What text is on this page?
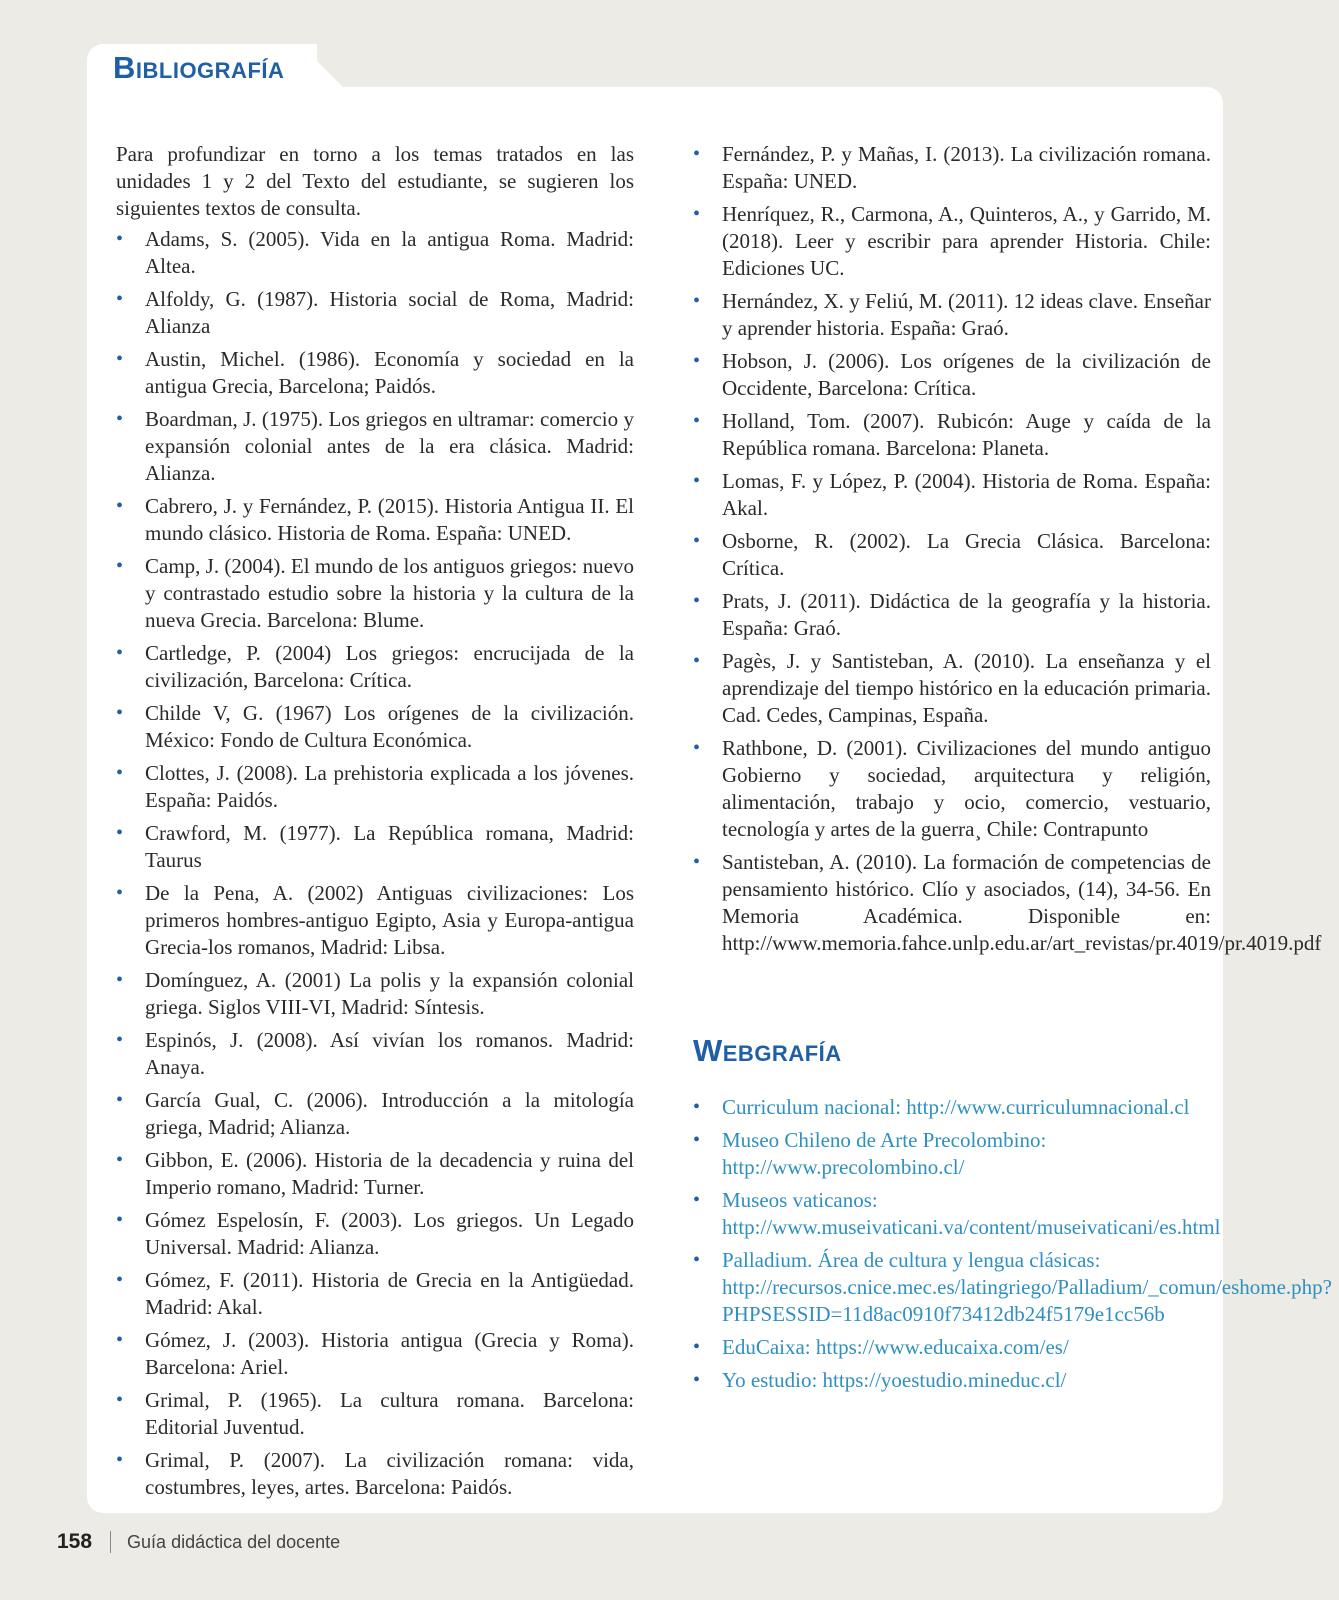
Bibliografía

Para profundizar en torno a los temas tratados en las unidades 1 y 2 del Texto del estudiante, se sugieren los siguientes textos de consulta.

• Adams, S. (2005). Vida en la antigua Roma. Madrid: Altea.
• Alfoldy, G. (1987). Historia social de Roma, Madrid: Alianza
• Austin, Michel. (1986). Economía y sociedad en la antigua Grecia, Barcelona; Paidós.
• Boardman, J. (1975). Los griegos en ultramar: comercio y expansión colonial antes de la era clásica. Madrid: Alianza.
• Cabrero, J. y Fernández, P. (2015). Historia Antigua II. El mundo clásico. Historia de Roma. España: UNED.
• Camp, J. (2004). El mundo de los antiguos griegos: nuevo y contrastado estudio sobre la historia y la cultura de la nueva Grecia. Barcelona: Blume.
• Cartledge, P. (2004) Los griegos: encrucijada de la civilización, Barcelona: Crítica.
• Childe V, G. (1967) Los orígenes de la civilización. México: Fondo de Cultura Económica.
• Clottes, J. (2008). La prehistoria explicada a los jóvenes. España: Paidós.
• Crawford, M. (1977). La República romana, Madrid: Taurus
• De la Pena, A. (2002) Antiguas civilizaciones: Los primeros hombres-antiguo Egipto, Asia y Europa-antigua Grecia-los romanos, Madrid: Libsa.
• Domínguez, A. (2001) La polis y la expansión colonial griega. Siglos VIII-VI, Madrid: Síntesis.
• Espinós, J. (2008). Así vivían los romanos. Madrid: Anaya.
• García Gual, C. (2006). Introducción a la mitología griega, Madrid; Alianza.
• Gibbon, E. (2006). Historia de la decadencia y ruina del Imperio romano, Madrid: Turner.
• Gómez Espelosín, F. (2003). Los griegos. Un Legado Universal. Madrid: Alianza.
• Gómez, F. (2011). Historia de Grecia en la Antigüedad. Madrid: Akal.
• Gómez, J. (2003). Historia antigua (Grecia y Roma). Barcelona: Ariel.
• Grimal, P. (1965). La cultura romana. Barcelona: Editorial Juventud.
• Grimal, P. (2007). La civilización romana: vida, costumbres, leyes, artes. Barcelona: Paidós.
• Fernández, P. y Mañas, I. (2013). La civilización romana. España: UNED.
• Henríquez, R., Carmona, A., Quinteros, A., y Garrido, M. (2018). Leer y escribir para aprender Historia. Chile: Ediciones UC.
• Hernández, X. y Feliú, M. (2011). 12 ideas clave. Enseñar y aprender historia. España: Graó.
• Hobson, J. (2006). Los orígenes de la civilización de Occidente, Barcelona: Crítica.
• Holland, Tom. (2007). Rubicón: Auge y caída de la República romana. Barcelona: Planeta.
• Lomas, F. y López, P. (2004). Historia de Roma. España: Akal.
• Osborne, R. (2002). La Grecia Clásica. Barcelona: Crítica.
• Prats, J. (2011). Didáctica de la geografía y la historia. España: Graó.
• Pagès, J. y Santisteban, A. (2010). La enseñanza y el aprendizaje del tiempo histórico en la educación primaria. Cad. Cedes, Campinas, España.
• Rathbone, D. (2001). Civilizaciones del mundo antiguo Gobierno y sociedad, arquitectura y religión, alimentación, trabajo y ocio, comercio, vestuario, tecnología y artes de la guerra¸ Chile: Contrapunto
• Santisteban, A. (2010). La formación de competencias de pensamiento histórico. Clío y asociados, (14), 34-56. En Memoria Académica. Disponible en: http://www.memoria.fahce.unlp.edu.ar/art_revistas/pr.4019/pr.4019.pdf
Webgrafía
• Curriculum nacional: http://www.curriculumnacional.cl
• Museo Chileno de Arte Precolombino: http://www.precolombino.cl/
• Museos vaticanos: http://www.museivaticani.va/content/museivaticani/es.html
• Palladium. Área de cultura y lengua clásicas: http://recursos.cnice.mec.es/latingriego/Palladium/_comun/eshome.php?PHPSESSID=11d8ac0910f73412db24f5179e1cc56b
• EduCaixa: https://www.educaixa.com/es/
• Yo estudio: https://yoestudio.mineduc.cl/
158 Guía didáctica del docente
